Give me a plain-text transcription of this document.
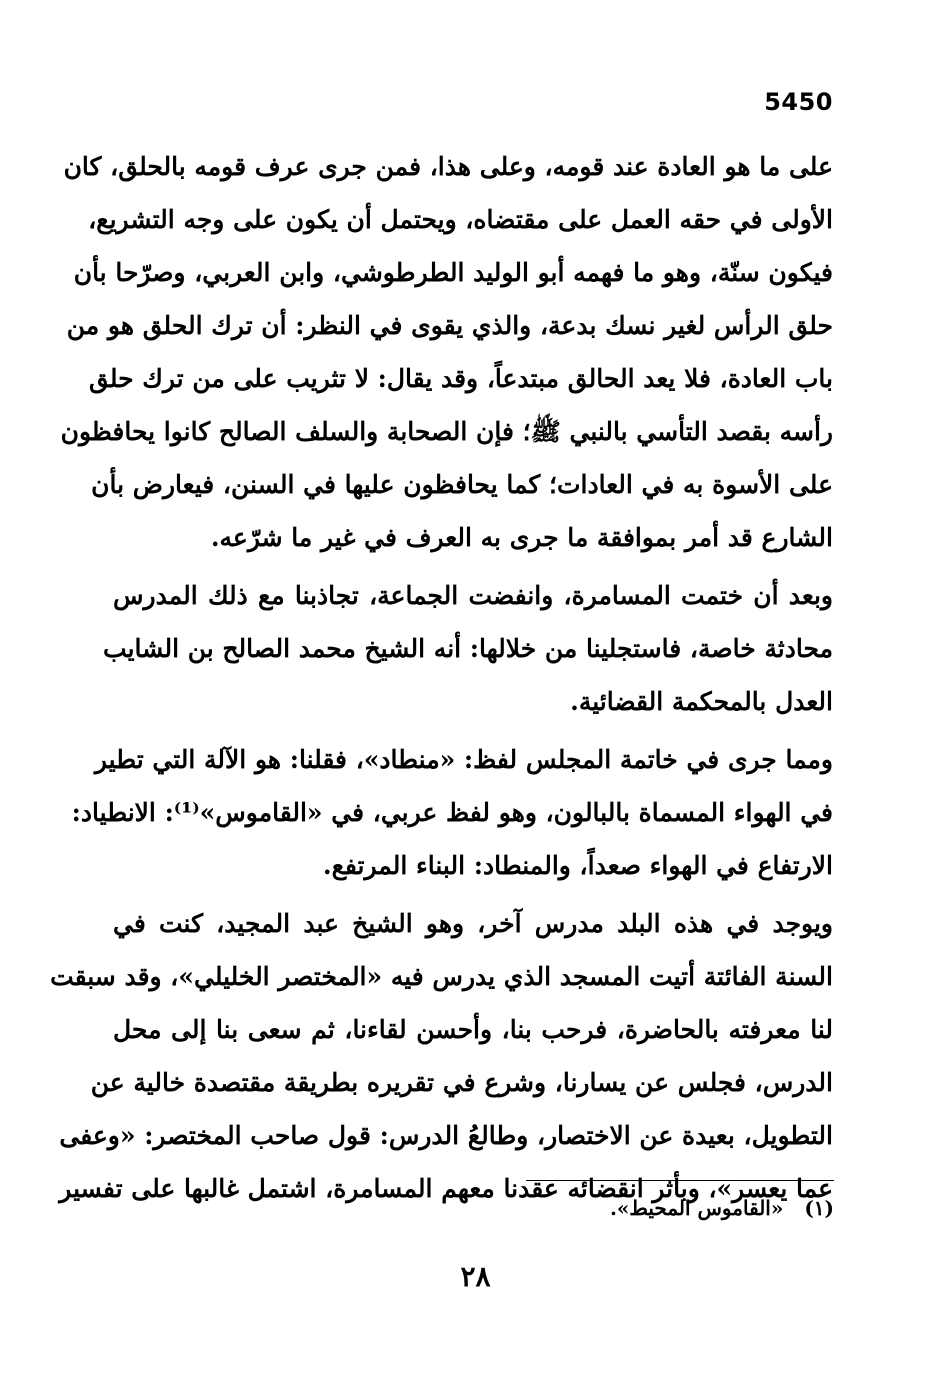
5450
على ما هو العادة عند قومه، وعلى هذا، فمن جرى عرف قومه بالحلق، كان
الأولى في حقه العمل على مقتضاه، ويحتمل أن يكون على وجه التشريع،
فيكون سنّة، وهو ما فهمه أبو الوليد الطرطوشي، وابن العربي، وصرّحا بأن
حلق الرأس لغير نسك بدعة، والذي يقوى في النظر: أن ترك الحلق هو من
باب العادة، فلا يعد الحالق مبتدعاً، وقد يقال: لا تثريب على من ترك حلق
رأسه بقصد التأسي بالنبي ﷺ؛ فإن الصحابة والسلف الصالح كانوا يحافظون
على الأسوة به في العادات؛ كما يحافظون عليها في السنن، فيعارض بأن
الشارع قد أمر بموافقة ما جرى به العرف في غير ما شرّعه.
وبعد أن ختمت المسامرة، وانفضت الجماعة، تجاذبنا مع ذلك المدرس
محادثة خاصة، فاستجلينا من خلالها: أنه الشيخ محمد الصالح بن الشايب
العدل بالمحكمة القضائية.
ومما جرى في خاتمة المجلس لفظ: «منطاد»، فقلنا: هو الآلة التي تطير
في الهواء المسماة بالبالون، وهو لفظ عربي، في «القاموس»⁽¹⁾: الانطياد:
الارتفاع في الهواء صعداً، والمنطاد: البناء المرتفع.
ويوجد في هذه البلد مدرس آخر، وهو الشيخ عبد المجيد، كنت في
السنة الفائتة أتيت المسجد الذي يدرس فيه «المختصر الخليلي»، وقد سبقت
لنا معرفته بالحاضرة، فرحب بنا، وأحسن لقاءنا، ثم سعى بنا إلى محل
الدرس، فجلس عن يسارنا، وشرع في تقريره بطريقة مقتصدة خالية عن
التطويل، بعيدة عن الاختصار، وطالعُ الدرس: قول صاحب المختصر: «وعفى
عما يعسر»، وبأثر انقضائه عقدنا معهم المسامرة، اشتمل غالبها على تفسير
(١) «القاموس المحيط».
٢٨
